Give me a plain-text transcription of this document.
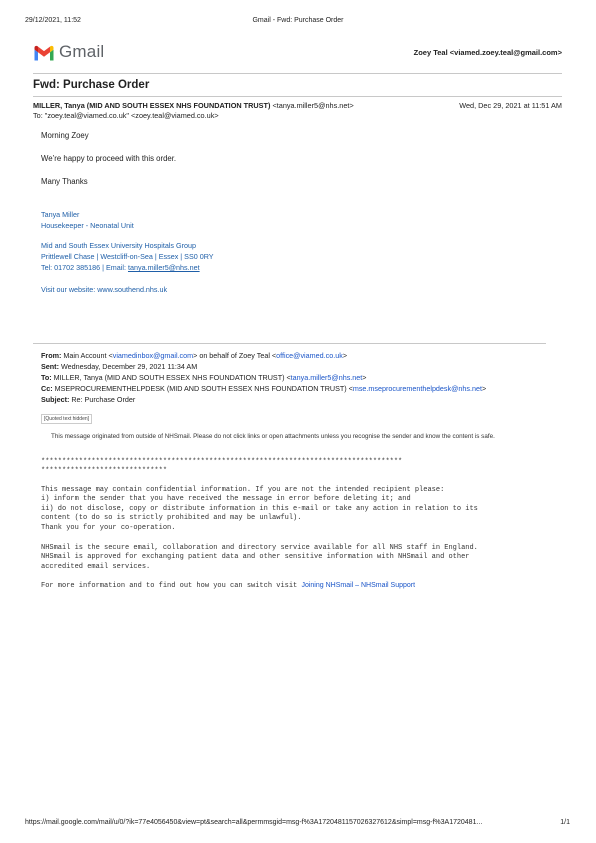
29/12/2021, 11:52	Gmail - Fwd: Purchase Order
Gmail	Zoey Teal <viamed.zoey.teal@gmail.com>
Fwd: Purchase Order
MILLER, Tanya (MID AND SOUTH ESSEX NHS FOUNDATION TRUST) <tanya.miller5@nhs.net>	Wed, Dec 29, 2021 at 11:51 AM
To: "zoey.teal@viamed.co.uk" <zoey.teal@viamed.co.uk>
Morning Zoey
We’re happy to proceed with this order.
Many Thanks
Tanya Miller
Housekeeper - Neonatal Unit
Mid and South Essex University Hospitals Group
Prittlewell Chase | Westcliff-on-Sea | Essex | SS0 0RY
Tel: 01702 385186 | Email: tanya.miller5@nhs.net
Visit our website: www.southend.nhs.uk
From: Main Account <viamedinbox@gmail.com> on behalf of Zoey Teal <office@viamed.co.uk>
Sent: Wednesday, December 29, 2021 11:34 AM
To: MILLER, Tanya (MID AND SOUTH ESSEX NHS FOUNDATION TRUST) <tanya.miller5@nhs.net>
Cc: MSEPROCUREMENTHELPDESK (MID AND SOUTH ESSEX NHS FOUNDATION TRUST) <mse.mseprocurementhelpdesk@nhs.net>
Subject: Re: Purchase Order
[Quoted text hidden]
This message originated from outside of NHSmail. Please do not click links or open attachments unless you recognise the sender and know the content is safe.
**************************************************************************************
******************************
This message may contain confidential information. If you are not the intended recipient please:
i) inform the sender that you have received the message in error before deleting it; and
ii) do not disclose, copy or distribute information in this e-mail or take any action in relation to its
content (to do so is strictly prohibited and may be unlawful).
Thank you for your co-operation.
NHSmail is the secure email, collaboration and directory service available for all NHS staff in England.
NHSmail is approved for exchanging patient data and other sensitive information with NHSmail and other
accredited email services.
For more information and to find out how you can switch visit Joining NHSmail – NHSmail Support
https://mail.google.com/mail/u/0/?ik=77e4056450&view=pt&search=all&permmsgid=msg-f%3A1720481157026327612&simpl=msg-f%3A1720481...	1/1
